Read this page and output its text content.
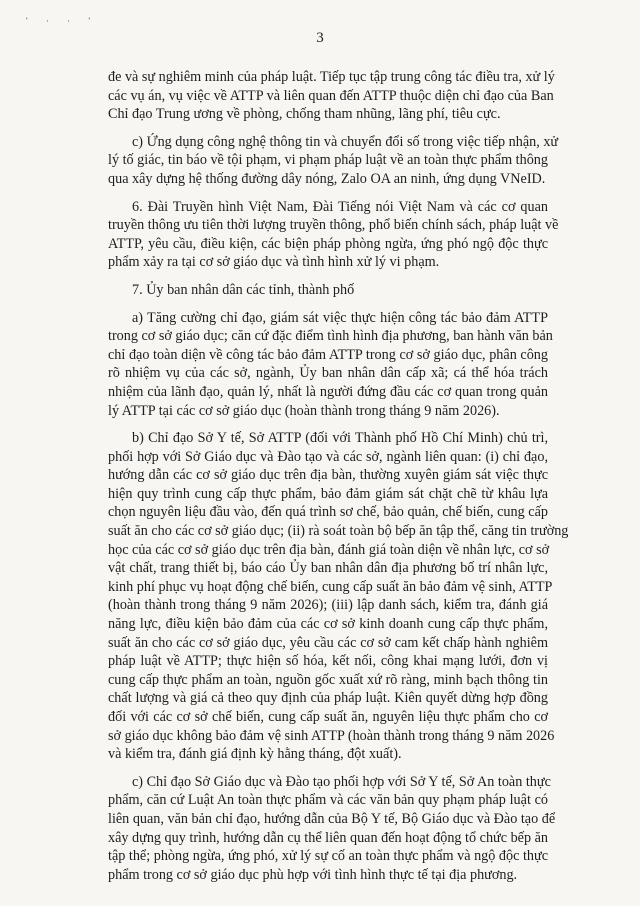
' · · '
3
đe và sự nghiêm minh của pháp luật. Tiếp tục tập trung công tác điều tra, xử lý
các vụ án, vụ việc về ATTP và liên quan đến ATTP thuộc diện chỉ đạo của Ban
Chỉ đạo Trung ương về phòng, chống tham nhũng, lãng phí, tiêu cực.
c) Ứng dụng công nghệ thông tin và chuyển đổi số trong việc tiếp nhận, xử
lý tố giác, tin báo về tội phạm, vi phạm pháp luật về an toàn thực phẩm thông
qua xây dựng hệ thống đường dây nóng, Zalo OA an ninh, ứng dụng VNeID.
6. Đài Truyền hình Việt Nam, Đài Tiếng nói Việt Nam và các cơ quan
truyền thông ưu tiên thời lượng truyền thông, phổ biến chính sách, pháp luật về
ATTP, yêu cầu, điều kiện, các biện pháp phòng ngừa, ứng phó ngộ độc thực
phẩm xảy ra tại cơ sở giáo dục và tình hình xử lý vi phạm.
7. Ủy ban nhân dân các tỉnh, thành phố
a) Tăng cường chỉ đạo, giám sát việc thực hiện công tác bảo đảm ATTP
trong cơ sở giáo dục; căn cứ đặc điểm tình hình địa phương, ban hành văn bản
chỉ đạo toàn diện về công tác bảo đảm ATTP trong cơ sở giáo dục, phân công
rõ nhiệm vụ của các sở, ngành, Ủy ban nhân dân cấp xã; cá thể hóa trách
nhiệm của lãnh đạo, quản lý, nhất là người đứng đầu các cơ quan trong quản
lý ATTP tại các cơ sở giáo dục (hoàn thành trong tháng 9 năm 2026).
b) Chỉ đạo Sở Y tế, Sở ATTP (đối với Thành phố Hồ Chí Minh) chủ trì,
phối hợp với Sở Giáo dục và Đào tạo và các sở, ngành liên quan: (i) chỉ đạo,
hướng dẫn các cơ sở giáo dục trên địa bàn, thường xuyên giám sát việc thực
hiện quy trình cung cấp thực phẩm, bảo đảm giám sát chặt chẽ từ khâu lựa
chọn nguyên liệu đầu vào, đến quá trình sơ chế, bảo quản, chế biến, cung cấp
suất ăn cho các cơ sở giáo dục; (ii) rà soát toàn bộ bếp ăn tập thể, căng tin trường
học của các cơ sở giáo dục trên địa bàn, đánh giá toàn diện về nhân lực, cơ sở
vật chất, trang thiết bị, báo cáo Ủy ban nhân dân địa phương bố trí nhân lực,
kinh phí phục vụ hoạt động chế biến, cung cấp suất ăn bảo đảm vệ sinh, ATTP
(hoàn thành trong tháng 9 năm 2026); (iii) lập danh sách, kiểm tra, đánh giá
năng lực, điều kiện bảo đảm của các cơ sở kinh doanh cung cấp thực phẩm,
suất ăn cho các cơ sở giáo dục, yêu cầu các cơ sở cam kết chấp hành nghiêm
pháp luật về ATTP; thực hiện số hóa, kết nối, công khai mạng lưới, đơn vị
cung cấp thực phẩm an toàn, nguồn gốc xuất xứ rõ ràng, minh bạch thông tin
chất lượng và giá cả theo quy định của pháp luật. Kiên quyết dừng hợp đồng
đối với các cơ sở chế biến, cung cấp suất ăn, nguyên liệu thực phẩm cho cơ
sở giáo dục không bảo đảm vệ sinh ATTP (hoàn thành trong tháng 9 năm 2026
và kiểm tra, đánh giá định kỳ hằng tháng, đột xuất).
c) Chỉ đạo Sở Giáo dục và Đào tạo phối hợp với Sở Y tế, Sở An toàn thực
phẩm, căn cứ Luật An toàn thực phẩm và các văn bản quy phạm pháp luật có
liên quan, văn bản chỉ đạo, hướng dẫn của Bộ Y tế, Bộ Giáo dục và Đào tạo để
xây dựng quy trình, hướng dẫn cụ thể liên quan đến hoạt động tổ chức bếp ăn
tập thể; phòng ngừa, ứng phó, xử lý sự cố an toàn thực phẩm và ngộ độc thực
phẩm trong cơ sở giáo dục phù hợp với tình hình thực tế tại địa phương.
